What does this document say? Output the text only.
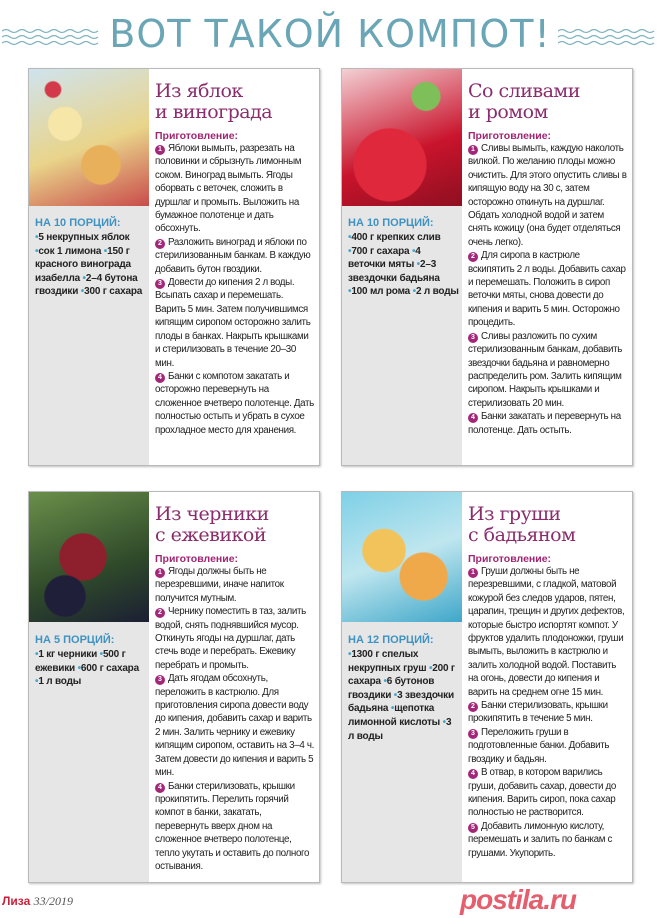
ВОТ ТАКОЙ КОМПОТ!
НА 10 ПОРЦИЙ:
•5 некрупных яблок •сок 1 лимона •150 г красного винограда изабелла •2–4 бутона гвоздики •300 г сахара
Из яблок
и винограда
Приготовление:
1 Яблоки вымыть, разрезать на половинки и сбрызнуть лимонным соком. Виноград вымыть. Ягоды оборвать с веточек, сложить в дуршлаг и промыть. Выложить на бумажное полотенце и дать обсохнуть.
2 Разложить виноград и яблоки по стерилизованным банкам. В каждую добавить бутон гвоздики.
3 Довести до кипения 2 л воды. Всыпать сахар и перемешать. Варить 5 мин. Затем получившимся кипящим сиропом осторожно залить плоды в банках. Накрыть крышками и стерилизовать в течение 20–30 мин.
4 Банки с компотом закатать и осторожно перевернуть на сложенное вчетверо полотенце. Дать полностью остыть и убрать в сухое прохладное место для хранения.
НА 10 ПОРЦИЙ:
•400 г крепких слив •700 г сахара •4 веточки мяты •2–3 звездочки бадьяна •100 мл рома •2 л воды
Со сливами
и ромом
Приготовление:
1 Сливы вымыть, каждую наколоть вилкой. По желанию плоды можно очистить. Для этого опустить сливы в кипящую воду на 30 с, затем осторожно откинуть на дуршлаг. Обдать холодной водой и затем снять кожицу (она будет отделяться очень легко).
2 Для сиропа в кастрюле вскипятить 2 л воды. Добавить сахар и перемешать. Положить в сироп веточки мяты, снова довести до кипения и варить 5 мин. Осторожно процедить.
3 Сливы разложить по сухим стерилизованным банкам, добавить звездочки бадьяна и равномерно распределить ром. Залить кипящим сиропом. Накрыть крышками и стерилизовать 20 мин.
4 Банки закатать и перевернуть на полотенце. Дать остыть.
НА 5 ПОРЦИЙ:
•1 кг черники •500 г ежевики •600 г сахара •1 л воды
Из черники
с ежевикой
Приготовление:
1 Ягоды должны быть не перезревшими, иначе напиток получится мутным.
2 Чернику поместить в таз, залить водой, снять поднявшийся мусор. Откинуть ягоды на дуршлаг, дать стечь воде и перебрать. Ежевику перебрать и промыть.
3 Дать ягодам обсохнуть, переложить в кастрюлю. Для приготовления сиропа довести воду до кипения, добавить сахар и варить 2 мин. Залить чернику и ежевику кипящим сиропом, оставить на 3–4 ч. Затем довести до кипения и варить 5 мин.
4 Банки стерилизовать, крышки прокипятить. Перелить горячий компот в банки, закатать, перевернуть вверх дном на сложенное вчетверо полотенце, тепло укутать и оставить до полного остывания.
НА 12 ПОРЦИЙ:
•1300 г спелых некрупных груш •200 г сахара •6 бутонов гвоздики •3 звездочки бадьяна •щепотка лимонной кислоты •3 л воды
Из груши
с бадьяном
Приготовление:
1 Груши должны быть не перезревшими, с гладкой, матовой кожурой без следов ударов, пятен, царапин, трещин и других дефектов, которые быстро испортят компот. У фруктов удалить плодоножки, груши вымыть, выложить в кастрюлю и залить холодной водой. Поставить на огонь, довести до кипения и варить на среднем огне 15 мин.
2 Банки стерилизовать, крышки прокипятить в течение 5 мин.
3 Переложить груши в подготовленные банки. Добавить гвоздику и бадьян.
4 В отвар, в котором варились груши, добавить сахар, довести до кипения. Варить сироп, пока сахар полностью не растворится.
5 Добавить лимонную кислоту, перемешать и залить по банкам с грушами. Укупорить.
Лиза 33/2019	postila.ru
